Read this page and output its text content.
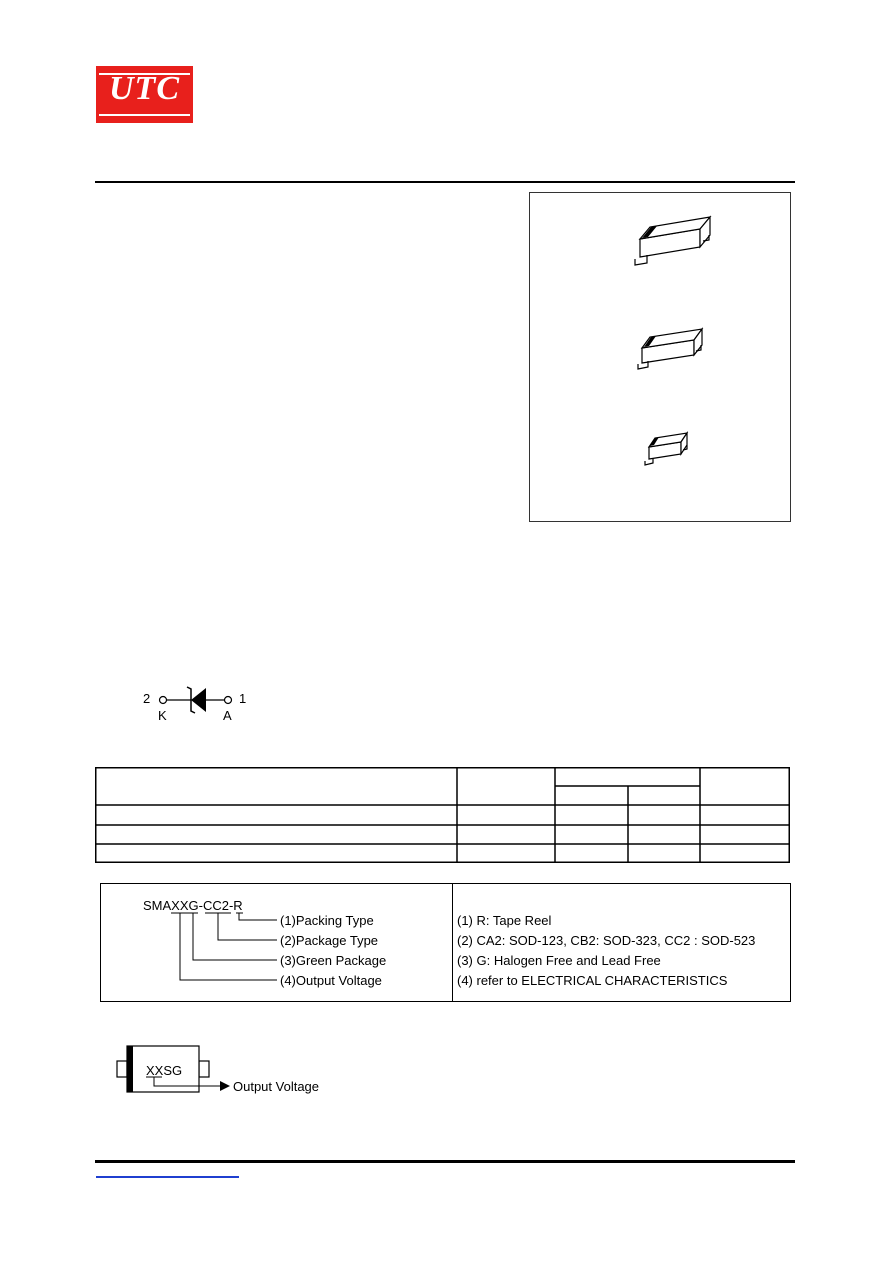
UTC
2	1
K	A
SMAXXG-CC2-R
(1)Packing Type
(2)Package Type
(3)Green Package
(4)Output Voltage
(1) R: Tape Reel
(2) CA2: SOD-123, CB2: SOD-323, CC2 : SOD-523
(3) G: Halogen Free and Lead Free
(4) refer to ELECTRICAL CHARACTERISTICS
XXSG
Output Voltage
